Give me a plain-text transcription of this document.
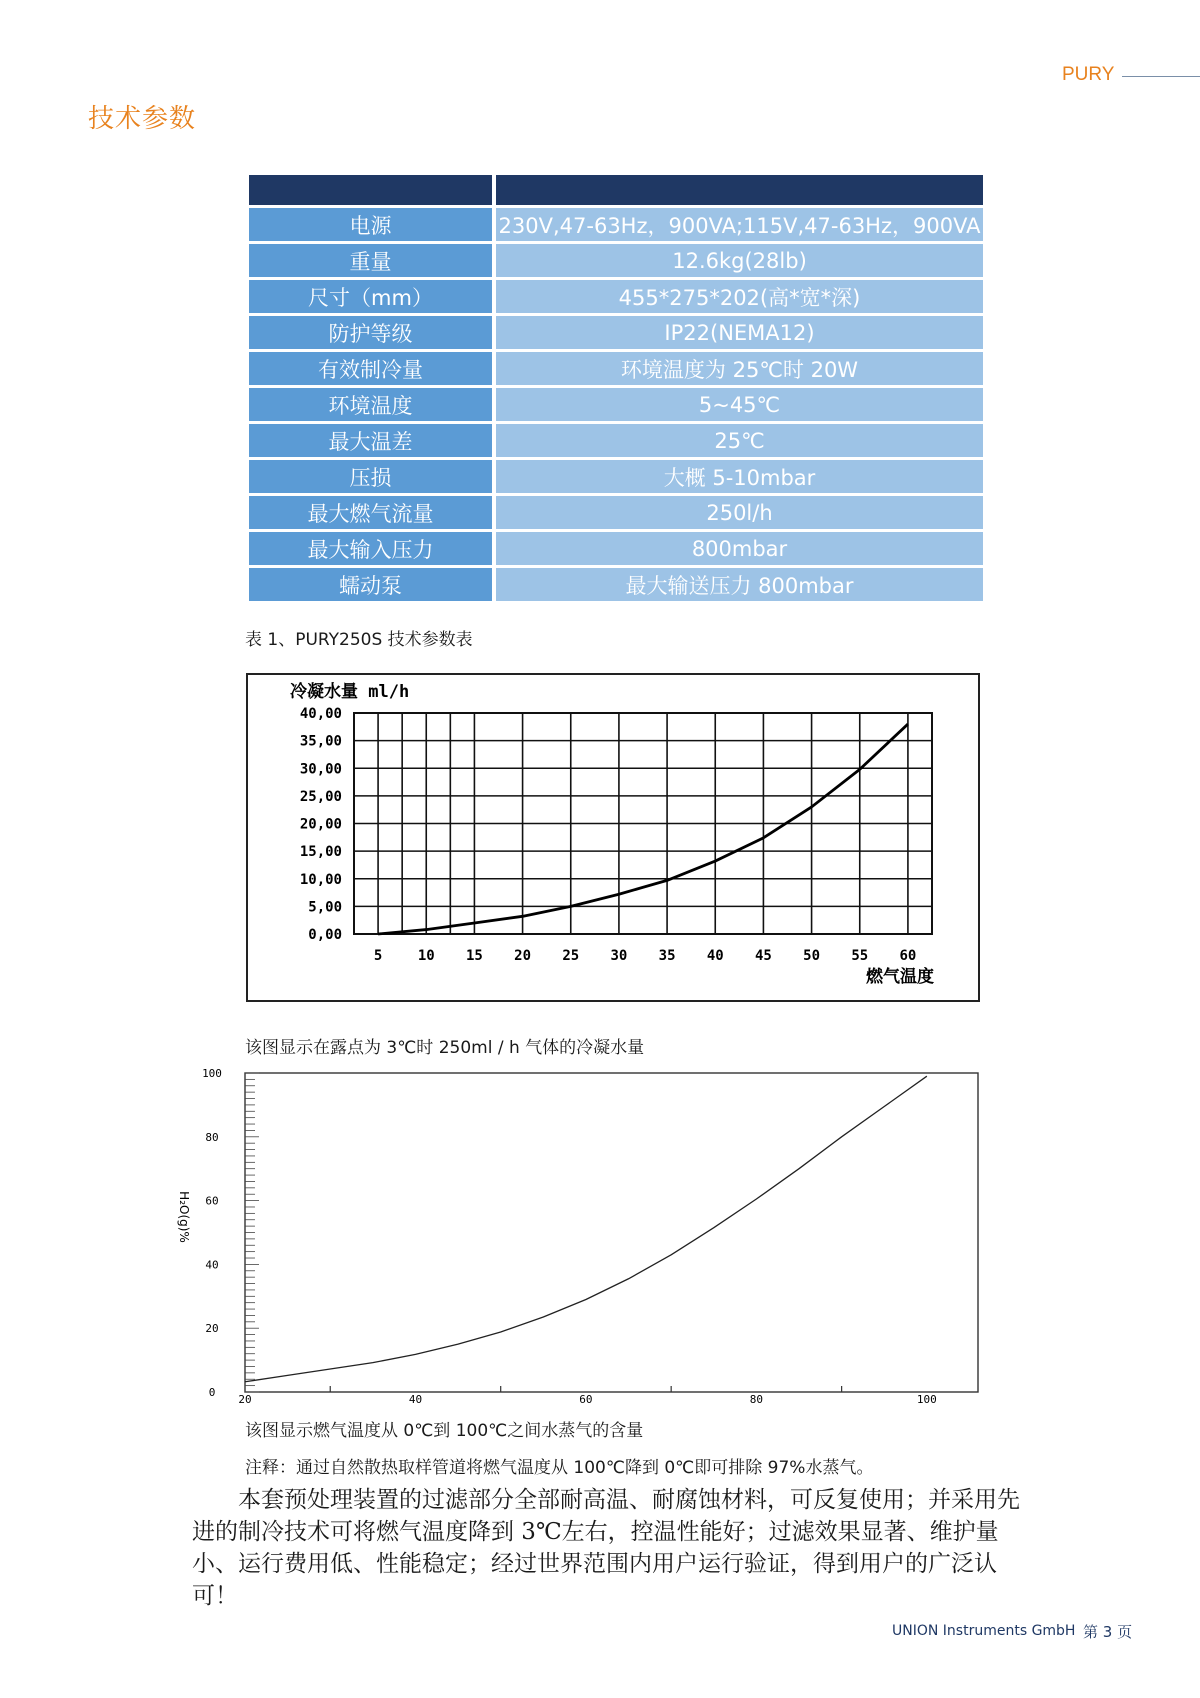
PURY
技术参数

电源	230V,47-63Hz，900VA;115V,47-63Hz，900VA
重量	12.6kg(28lb)
尺寸（mm）	455*275*202(高*宽*深)
防护等级	IP22(NEMA12)
有效制冷量	环境温度为 25℃时 20W
环境温度	5~45℃
最大温差	25℃
压损	大概 5-10mbar
最大燃气流量	250l/h
最大输入压力	800mbar
蠕动泵	最大输送压力 800mbar
表 1、PURY250S 技术参数表
0,00
5,00
10,00
15,00
20,00
25,00
30,00
35,00
40,00
5	10 15 20 25 30 35 40 45 50 55 60
冷凝水量 ml/h
燃气温度
该图显示在露点为 3℃时 250ml / h 气体的冷凝水量
0
20
40
60
80
100
20	40	60	80	100
H₂O(g)%
该图显示燃气温度从 0℃到 100℃之间水蒸气的含量
注释：通过自然散热取样管道将燃气温度从 100℃降到 0℃即可排除 97%水蒸气。
本套预处理装置的过滤部分全部耐高温、耐腐蚀材料，可反复使用；并采用先进的制冷技术可将燃气温度降到 3℃左右，控温性能好；过滤效果显著、维护量小、运行费用低、性能稳定；经过世界范围内用户运行验证，得到用户的广泛认可！
UNION Instruments GmbH 第 3 页
